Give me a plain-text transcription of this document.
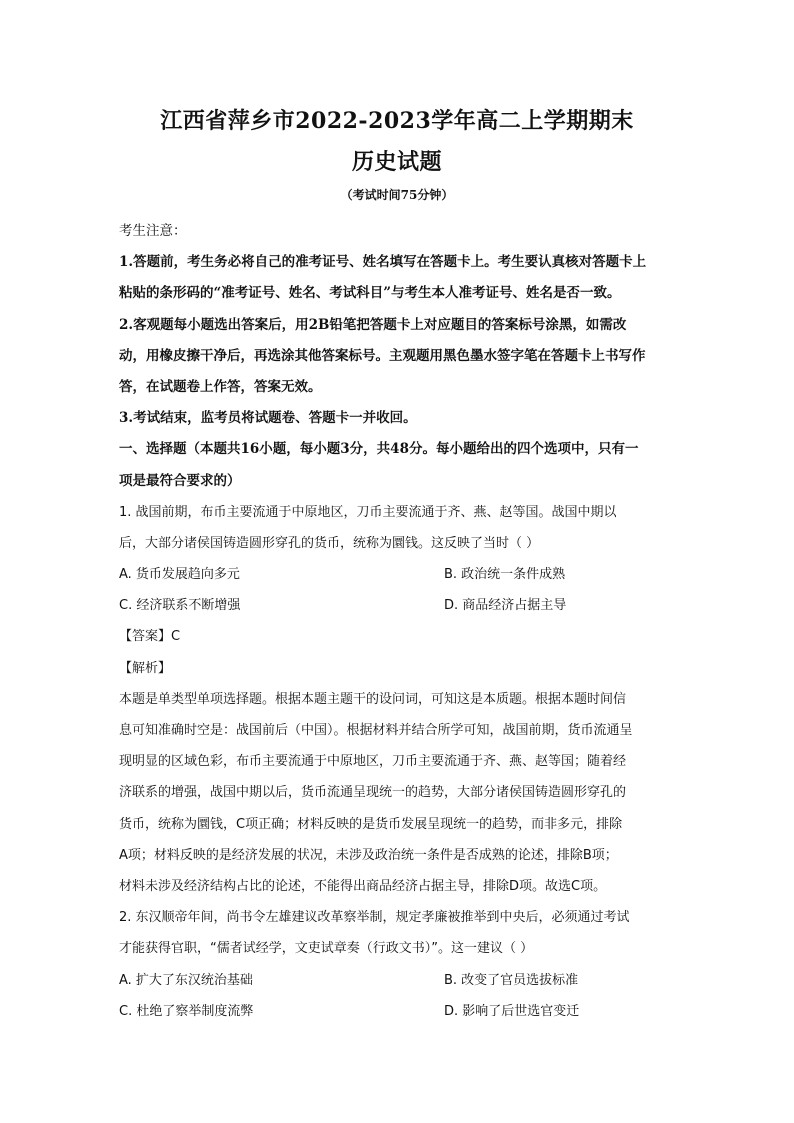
江西省萍乡市2022-2023学年高二上学期期末
历史试题
（考试时间75分钟）
考生注意：
1.答题前，考生务必将自己的准考证号、姓名填写在答题卡上。考生要认真核对答题卡上
粘贴的条形码的“准考证号、姓名、考试科目”与考生本人准考证号、姓名是否一致。
2.客观题每小题选出答案后，用2B铅笔把答题卡上对应题目的答案标号涂黑，如需改
动，用橡皮擦干净后，再选涂其他答案标号。主观题用黑色墨水签字笔在答题卡上书写作
答，在试题卷上作答，答案无效。
3.考试结束，监考员将试题卷、答题卡一并收回。
一、选择题（本题共16小题，每小题3分，共48分。每小题给出的四个选项中，只有一
项是最符合要求的）
1. 战国前期，布币主要流通于中原地区，刀币主要流通于齐、燕、赵等国。战国中期以
后，大部分诸侯国铸造圆形穿孔的货币，统称为圜钱。这反映了当时（ ）
A. 货币发展趋向多元	B. 政治统一条件成熟
C. 经济联系不断增强	D. 商品经济占据主导
【答案】C
【解析】
本题是单类型单项选择题。根据本题主题干的设问词，可知这是本质题。根据本题时间信
息可知准确时空是：战国前后（中国）。根据材料并结合所学可知，战国前期，货币流通呈
现明显的区域色彩，布币主要流通于中原地区，刀币主要流通于齐、燕、赵等国；随着经
济联系的增强，战国中期以后，货币流通呈现统一的趋势，大部分诸侯国铸造圆形穿孔的
货币，统称为圜钱，C项正确；材料反映的是货币发展呈现统一的趋势，而非多元，排除
A项；材料反映的是经济发展的状况，未涉及政治统一条件是否成熟的论述，排除B项；
材料未涉及经济结构占比的论述，不能得出商品经济占据主导，排除D项。故选C项。
2. 东汉顺帝年间，尚书令左雄建议改革察举制，规定孝廉被推举到中央后，必须通过考试
才能获得官职，“儒者试经学，文吏试章奏（行政文书）”。这一建议（ ）
A. 扩大了东汉统治基础	B. 改变了官员选拔标准
C. 杜绝了察举制度流弊	D. 影响了后世选官变迁
